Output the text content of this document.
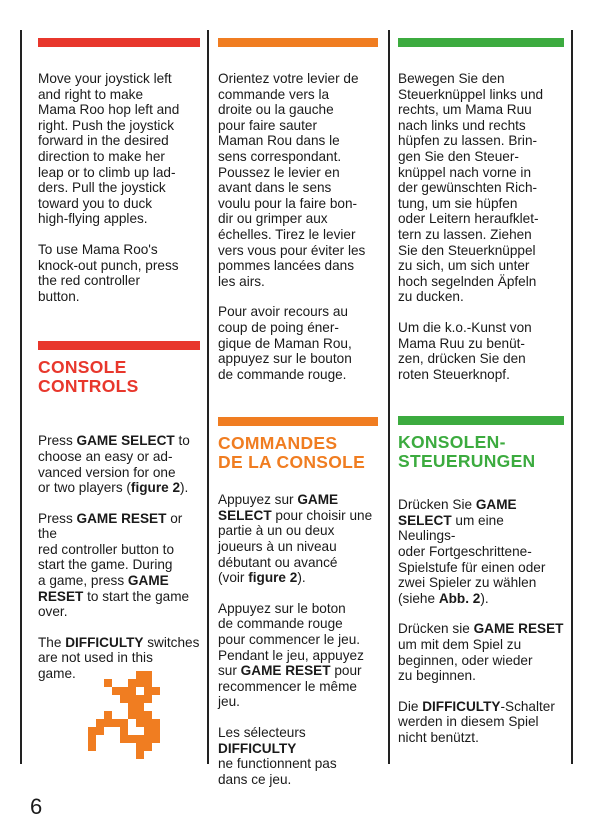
Move your joystick left
and right to make
Mama Roo hop left and
right. Push the joystick
forward in the desired
direction to make her
leap or to climb up lad-
ders. Pull the joystick
toward you to duck
high-flying apples.
To use Mama Roo's
knock-out punch, press
the red controller
button.
CONSOLE
CONTROLS
Press GAME SELECT to
choose an easy or ad-
vanced version for one
or two players (figure 2).
Press GAME RESET or the
red controller button to
start the game. During
a game, press GAME
RESET to start the game
over.
The DIFFICULTY switches
are not used in this
game.
Orientez votre levier de
commande vers la
droite ou la gauche
pour faire sauter
Maman Rou dans le
sens correspondant.
Poussez le levier en
avant dans le sens
voulu pour la faire bon-
dir ou grimper aux
échelles. Tirez le levier
vers vous pour éviter les
pommes lancées dans
les airs.
Pour avoir recours au
coup de poing éner-
gique de Maman Rou,
appuyez sur le bouton
de commande rouge.
COMMANDES
DE LA CONSOLE
Appuyez sur GAME
SELECT pour choisir une
partie à un ou deux
joueurs à un niveau
débutant ou avancé
(voir figure 2).
Appuyez sur le boton
de commande rouge
pour commencer le jeu.
Pendant le jeu, appuyez
sur GAME RESET pour
recommencer le même
jeu.
Les sélecteurs DIFFICULTY
ne functionnent pas
dans ce jeu.
Bewegen Sie den
Steuerknüppel links und
rechts, um Mama Ruu
nach links und rechts
hüpfen zu lassen. Brin-
gen Sie den Steuer-
knüppel nach vorne in
der gewünschten Rich-
tung, um sie hüpfen
oder Leitern heraufklet-
tern zu lassen. Ziehen
Sie den Steuerknüppel
zu sich, um sich unter
hoch segelnden Äpfeln
zu ducken.
Um die k.o.-Kunst von
Mama Ruu zu benüt-
zen, drücken Sie den
roten Steuerknopf.
KONSOLEN-
STEUERUNGEN
Drücken Sie GAME
SELECT um eine Neulings-
oder Fortgeschrittene-
Spielstufe für einen oder
zwei Spieler zu wählen
(siehe Abb. 2).
Drücken sie GAME RESET
um mit dem Spiel zu
beginnen, oder wieder
zu beginnen.
Die DIFFICULTY-Schalter
werden in diesem Spiel
nicht benützt.
6
